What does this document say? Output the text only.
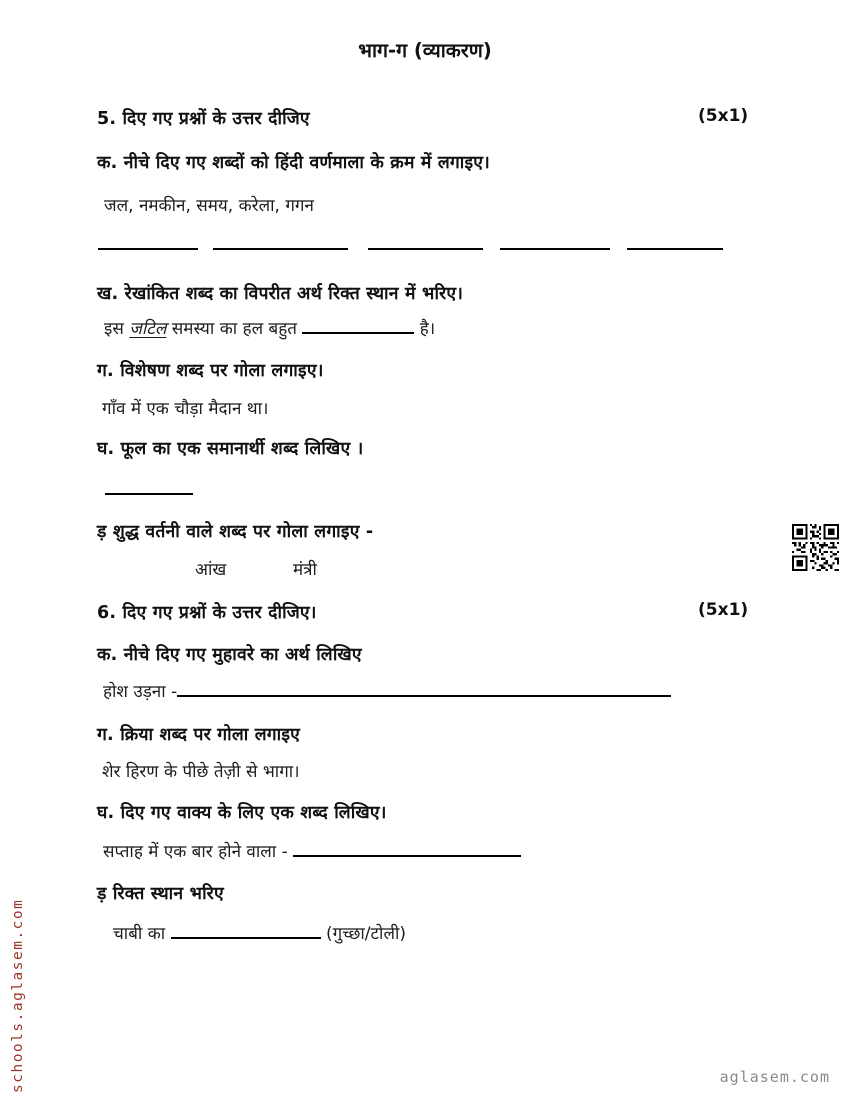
भाग-ग (व्याकरण)
5. दिए गए प्रश्नों के उत्तर दीजिए	(5x1)
क. नीचे दिए गए शब्दों को हिंदी वर्णमाला के क्रम में लगाइए।
जल, नमकीन, समय, करेला, गगन
ख. रेखांकित शब्द का विपरीत अर्थ रिक्त स्थान में भरिए।
इस जटिल समस्या का हल बहुत	है।
ग. विशेषण शब्द पर गोला लगाइए।
गाँव में एक चौड़ा मैदान था।
घ. फूल का एक समानार्थी शब्द लिखिए ।
ड़ शुद्ध वर्तनी वाले शब्द पर गोला लगाइए -
आंख	मंत्री
6. दिए गए प्रश्नों के उत्तर दीजिए।	(5x1)
क. नीचे दिए गए मुहावरे का अर्थ लिखिए
होश उड़ना -
ग. क्रिया शब्द पर गोला लगाइए
शेर हिरण के पीछे तेज़ी से भागा।
घ. दिए गए वाक्य के लिए एक शब्द लिखिए।
सप्ताह में एक बार होने वाला -
ड़ रिक्त स्थान भरिए
चाबी का	(गुच्छा/टोली)
schools.aglasem.com	aglasem.com
